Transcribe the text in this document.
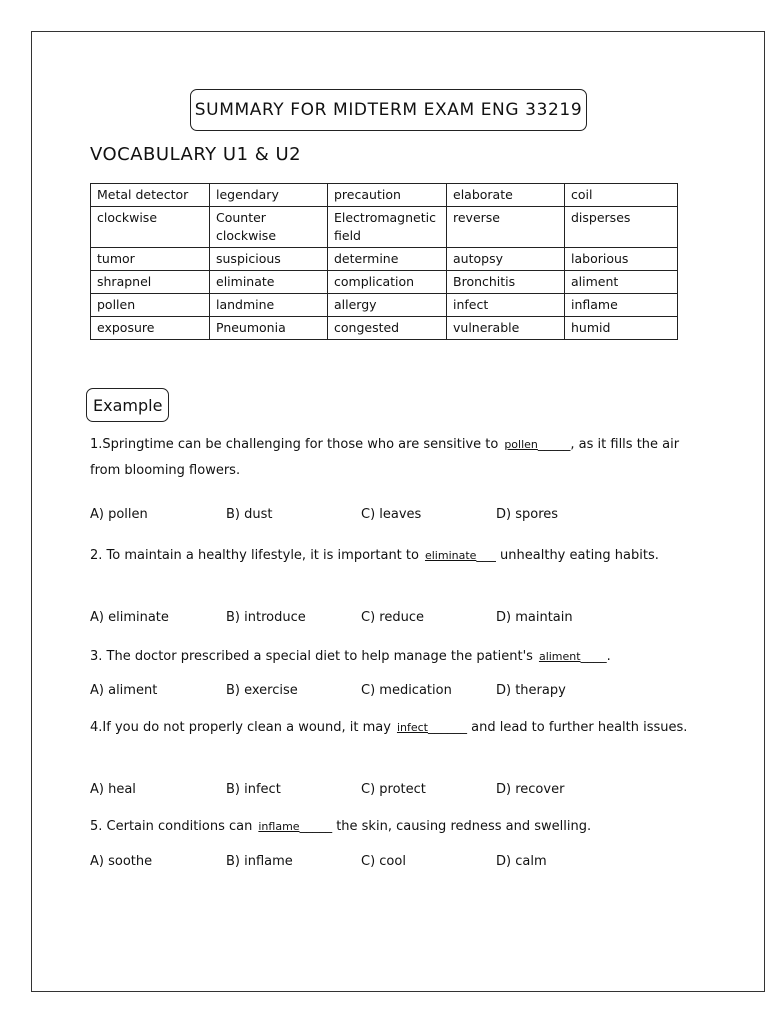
SUMMARY FOR MIDTERM EXAM ENG 33219
VOCABULARY U1 & U2
Metal detector	legendary	precaution	elaborate	coil
clockwise	Counter clockwise	Electromagnetic field	reverse	disperses
tumor	suspicious	determine	autopsy	laborious
shrapnel	eliminate	complication	Bronchitis	aliment
pollen	landmine	allergy	infect	inflame
exposure	Pneumonia	congested	vulnerable	humid
Example
1.Springtime can be challenging for those who are sensitive to pollen_____, as it fills the air from blooming flowers.
A) pollen	B) dust	C) leaves	D) spores
2. To maintain a healthy lifestyle, it is important to eliminate___ unhealthy eating habits.
A) eliminate	B) introduce	C) reduce	D) maintain
3. The doctor prescribed a special diet to help manage the patient's aliment____.
A) aliment	B) exercise	C) medication	D) therapy
4.If you do not properly clean a wound, it may infect______ and lead to further health issues.
A) heal	B) infect	C) protect	D) recover
5. Certain conditions can inflame_____ the skin, causing redness and swelling.
A) soothe	B) inflame	C) cool	D) calm
